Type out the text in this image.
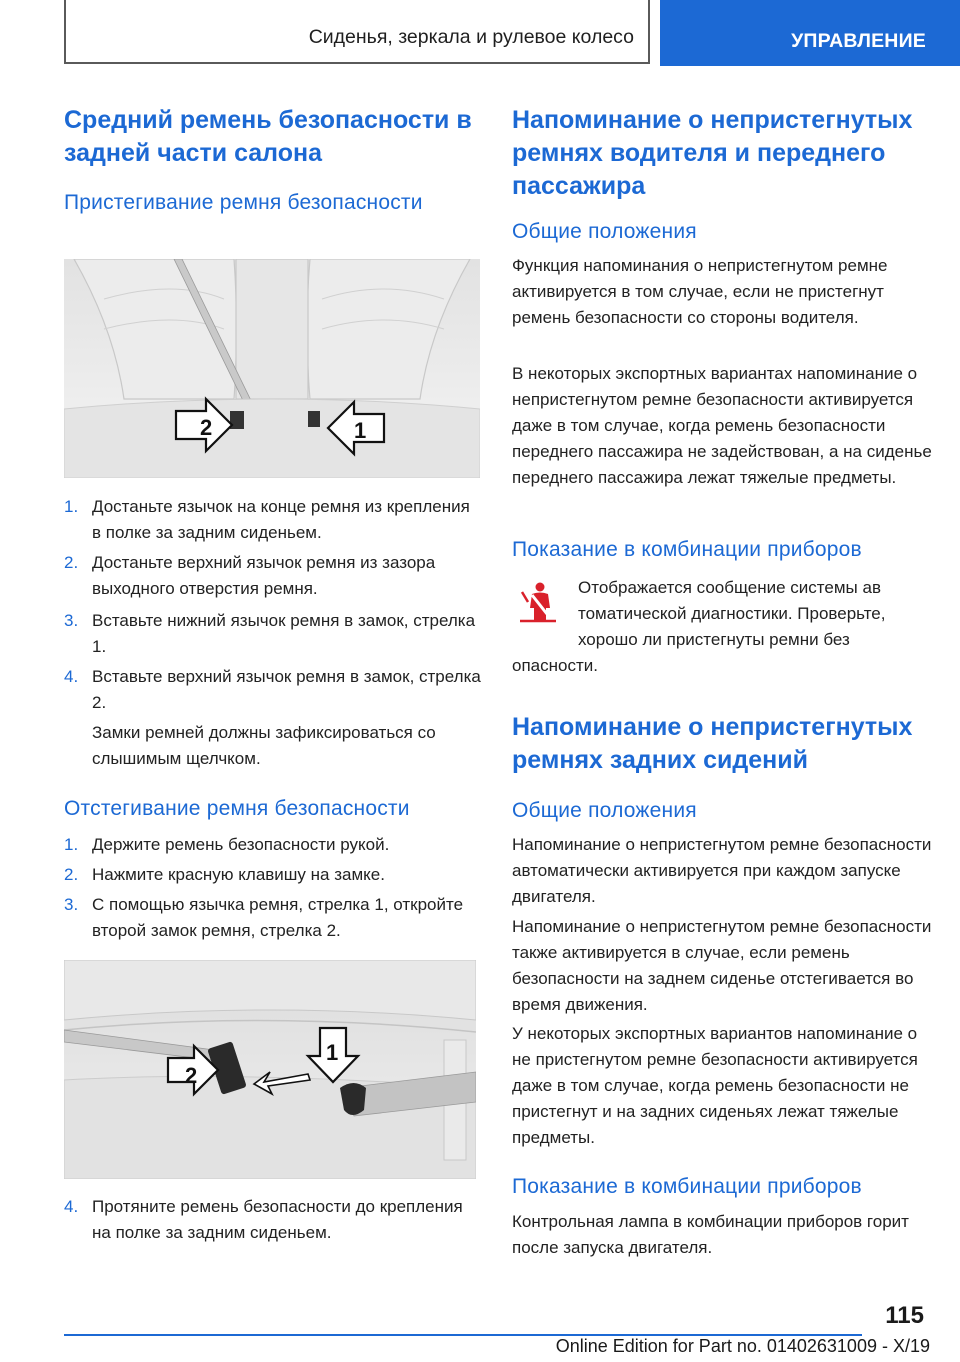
Сиденья, зеркала и рулевое колесо	УПРАВЛЕНИЕ
Средний ремень безопасности в задней части салона
Пристегивание ремня безопасности
2	1
1. Достаньте язычок на конце ремня из крепления в полке за задним сиденьем.
2. Достаньте верхний язычок ремня из зазора выходного отверстия ремня.
3. Вставьте нижний язычок ремня в замок, стрелка 1.
4. Вставьте верхний язычок ремня в замок, стрелка 2.

Замки ремней должны зафиксироваться со слышимым щелчком.

Отстегивание ремня безопасности
1. Держите ремень безопасности рукой.
2. Нажмите красную клавишу на замке.
3. С помощью язычка ремня, стрелка 1, откройте второй замок ремня, стрелка 2.
2
1
4. Протяните ремень безопасности до крепления на полке за задним сиденьем.
Напоминание о непристегнутых ремнях водителя и переднего пассажира
Общие положения

Функция напоминания о непристегнутом ремне активируется в том случае, если не пристегнут ремень безопасности со стороны водителя.

В некоторых экспортных вариантах напоминание о непристегнутом ремне безопасности активируется даже в том случае, когда ремень безопасности переднего пассажира не задействован, а на сиденье переднего пассажира лежат тяжелые предметы.

Показание в комбинации приборов

Отображается сообщение системы ав

томатической диагностики. Проверьте,

хорошо ли пристегнуты ремни без

опасности.

Напоминание о непристегнутых ремнях задних сидений
Общие положения

Напоминание о непристегнутом ремне безопасности автоматически активируется при каждом запуске двигателя.

Напоминание о непристегнутом ремне безопасности также активируется в случае, если ремень безопасности на заднем сиденье отстегивается во время движения.

У некоторых экспортных вариантов напоминание о не пристегнутом ремне безопасности активируется даже в том случае, когда ремень безопасности не пристегнут и на задних сиденьях лежат тяжелые предметы.

Показание в комбинации приборов

Контрольная лампа в комбинации приборов горит после запуска двигателя.

115
Online Edition for Part no. 01402631009 - X/19
